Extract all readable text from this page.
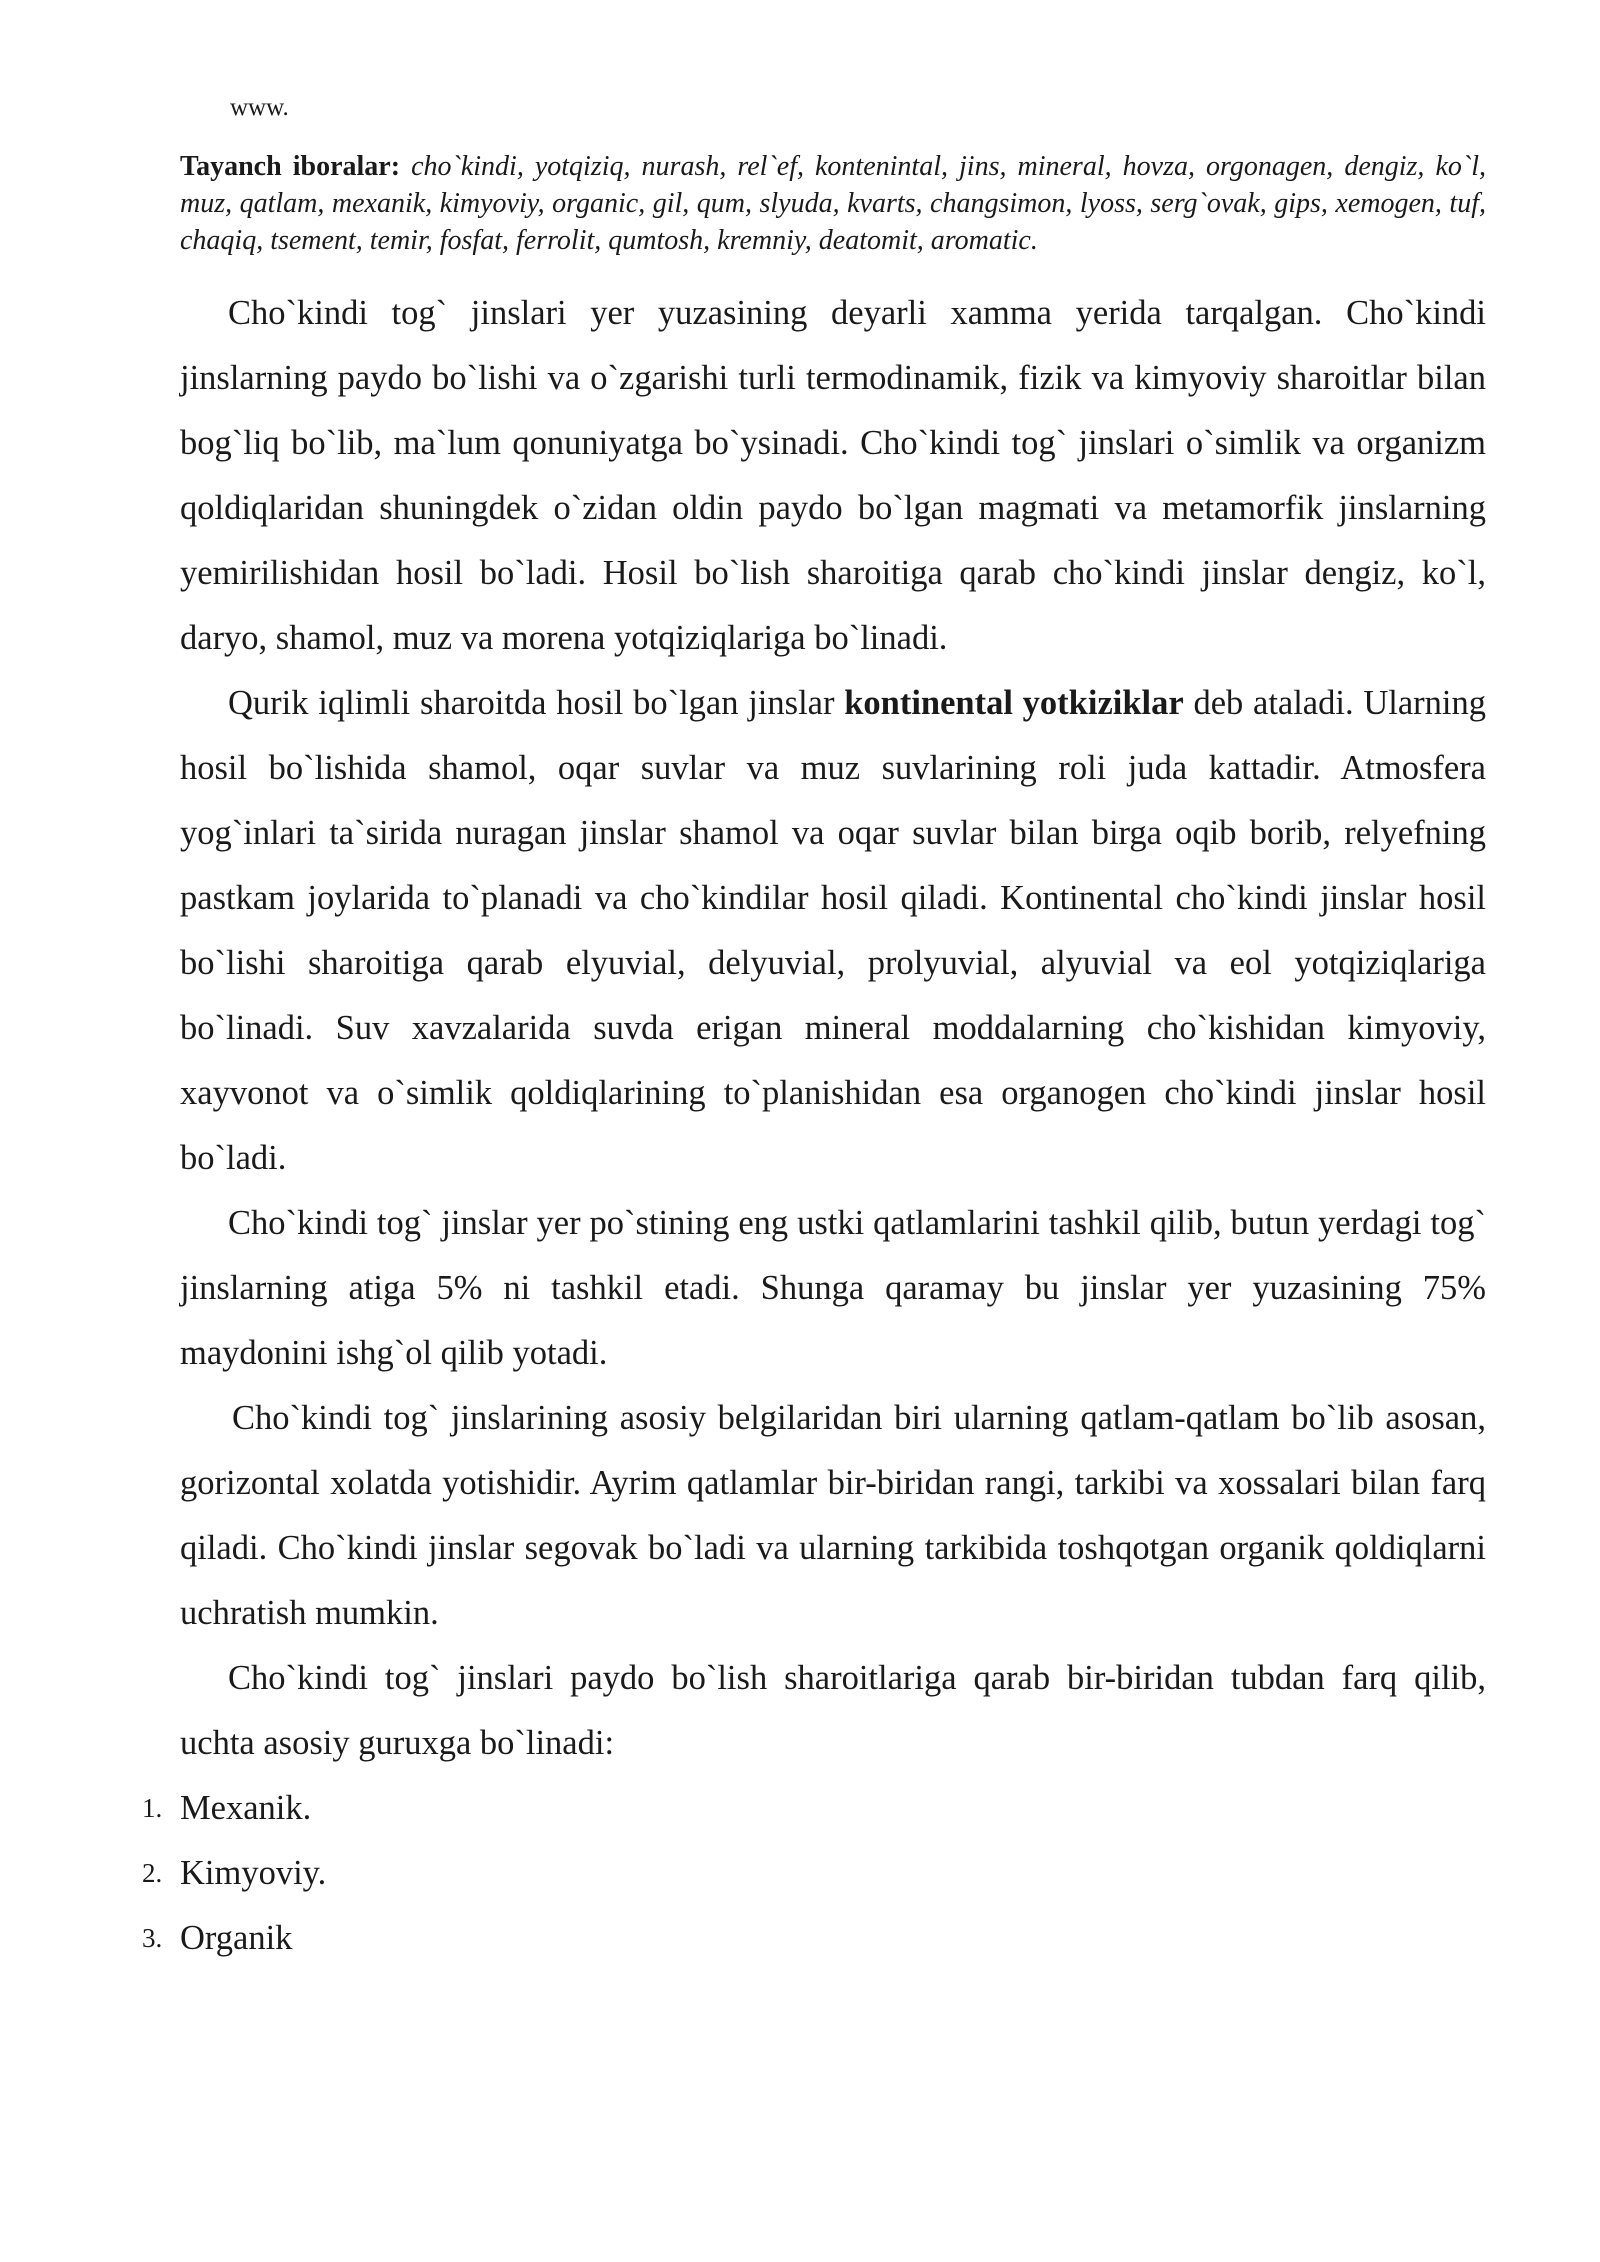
www.
Tayanch iboralar: cho`kindi, yotqiziq, nurash, rel`ef, kontenintal, jins, mineral, hovza, orgonagen, dengiz, ko`l, muz, qatlam, mexanik, kimyoviy, organic, gil, qum, slyuda, kvarts, changsimon, lyoss, serg`ovak, gips, xemogen, tuf, chaqiq, tsement, temir, fosfat, ferrolit, qumtosh, kremniy, deatomit, aromatic.

Cho`kindi tog` jinslari yer yuzasining deyarli xamma yerida tarqalgan. Cho`kindi jinslarning paydo bo`lishi va o`zgarishi turli termodinamik, fizik va kimyoviy sharoitlar bilan bog`liq bo`lib, ma`lum qonuniyatga bo`ysinadi. Cho`kindi tog` jinslari o`simlik va organizm qoldiqlaridan shuningdek o`zidan oldin paydo bo`lgan magmati va metamorfik jinslarning yemirilishidan hosil bo`ladi. Hosil bo`lish sharoitiga qarab cho`kindi jinslar dengiz, ko`l, daryo, shamol, muz va morena yotqiziqlariga bo`linadi.

Qurik iqlimli sharoitda hosil bo`lgan jinslar kontinental yotkiziklar deb ataladi. Ularning hosil bo`lishida shamol, oqar suvlar va muz suvlarining roli juda kattadir. Atmosfera yog`inlari ta`sirida nuragan jinslar shamol va oqar suvlar bilan birga oqib borib, relyefning pastkam joylarida to`planadi va cho`kindilar hosil qiladi. Kontinental cho`kindi jinslar hosil bo`lishi sharoitiga qarab elyuvial, delyuvial, prolyuvial, alyuvial va eol yotqiziqlariga bo`linadi. Suv xavzalarida suvda erigan mineral moddalarning cho`kishidan kimyoviy, xayvonot va o`simlik qoldiqlarining to`planishidan esa organogen cho`kindi jinslar hosil bo`ladi.

Cho`kindi tog` jinslar yer po`stining eng ustki qatlamlarini tashkil qilib, butun yerdagi tog` jinslarning atiga 5% ni tashkil etadi. Shunga qaramay bu jinslar yer yuzasining 75% maydonini ishg`ol qilib yotadi.

Cho`kindi tog` jinslarining asosiy belgilaridan biri ularning qatlam-qatlam bo`lib asosan, gorizontal xolatda yotishidir. Ayrim qatlamlar bir-biridan rangi, tarkibi va xossalari bilan farq qiladi. Cho`kindi jinslar segovak bo`ladi va ularning tarkibida toshqotgan organik qoldiqlarni uchratish mumkin.

Cho`kindi tog` jinslari paydo bo`lish sharoitlariga qarab bir-biridan tubdan farq qilib, uchta asosiy guruxga bo`linadi:

1. Mexanik.
2. Kimyoviy.
3. Organik
